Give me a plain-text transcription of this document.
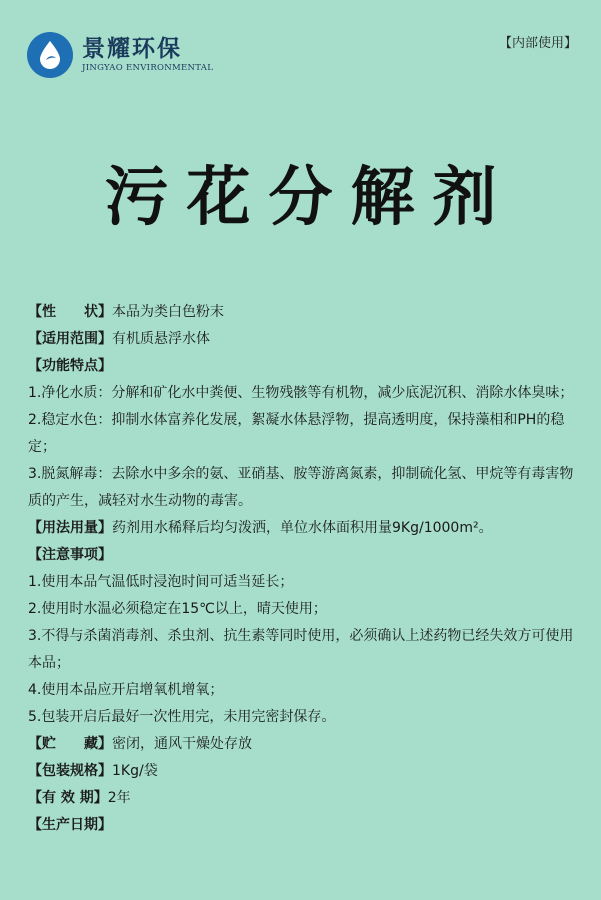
景耀环保
JINGYAO ENVIRONMENTAL
【内部使用】
污花分解剂
【性　　状】本品为类白色粉末
【适用范围】有机质悬浮水体
【功能特点】
1.净化水质：分解和矿化水中粪便、生物残骸等有机物，减少底泥沉积、消除水体臭味；
2.稳定水色：抑制水体富养化发展，絮凝水体悬浮物，提高透明度，保持藻相和PH的稳定；
3.脱氮解毒：去除水中多余的氨、亚硝基、胺等游离氮素，抑制硫化氢、甲烷等有毒害物质的产生，减轻对水生动物的毒害。
【用法用量】药剂用水稀释后均匀泼洒，单位水体面积用量9Kg/1000m²。
【注意事项】
1.使用本品气温低时浸泡时间可适当延长；
2.使用时水温必须稳定在15℃以上，晴天使用；
3.不得与杀菌消毒剂、杀虫剂、抗生素等同时使用，必须确认上述药物已经失效方可使用本品；
4.使用本品应开启增氧机增氧；
5.包装开启后最好一次性用完，未用完密封保存。
【贮　　藏】密闭，通风干燥处存放
【包装规格】1Kg/袋
【有 效 期】2年
【生产日期】
